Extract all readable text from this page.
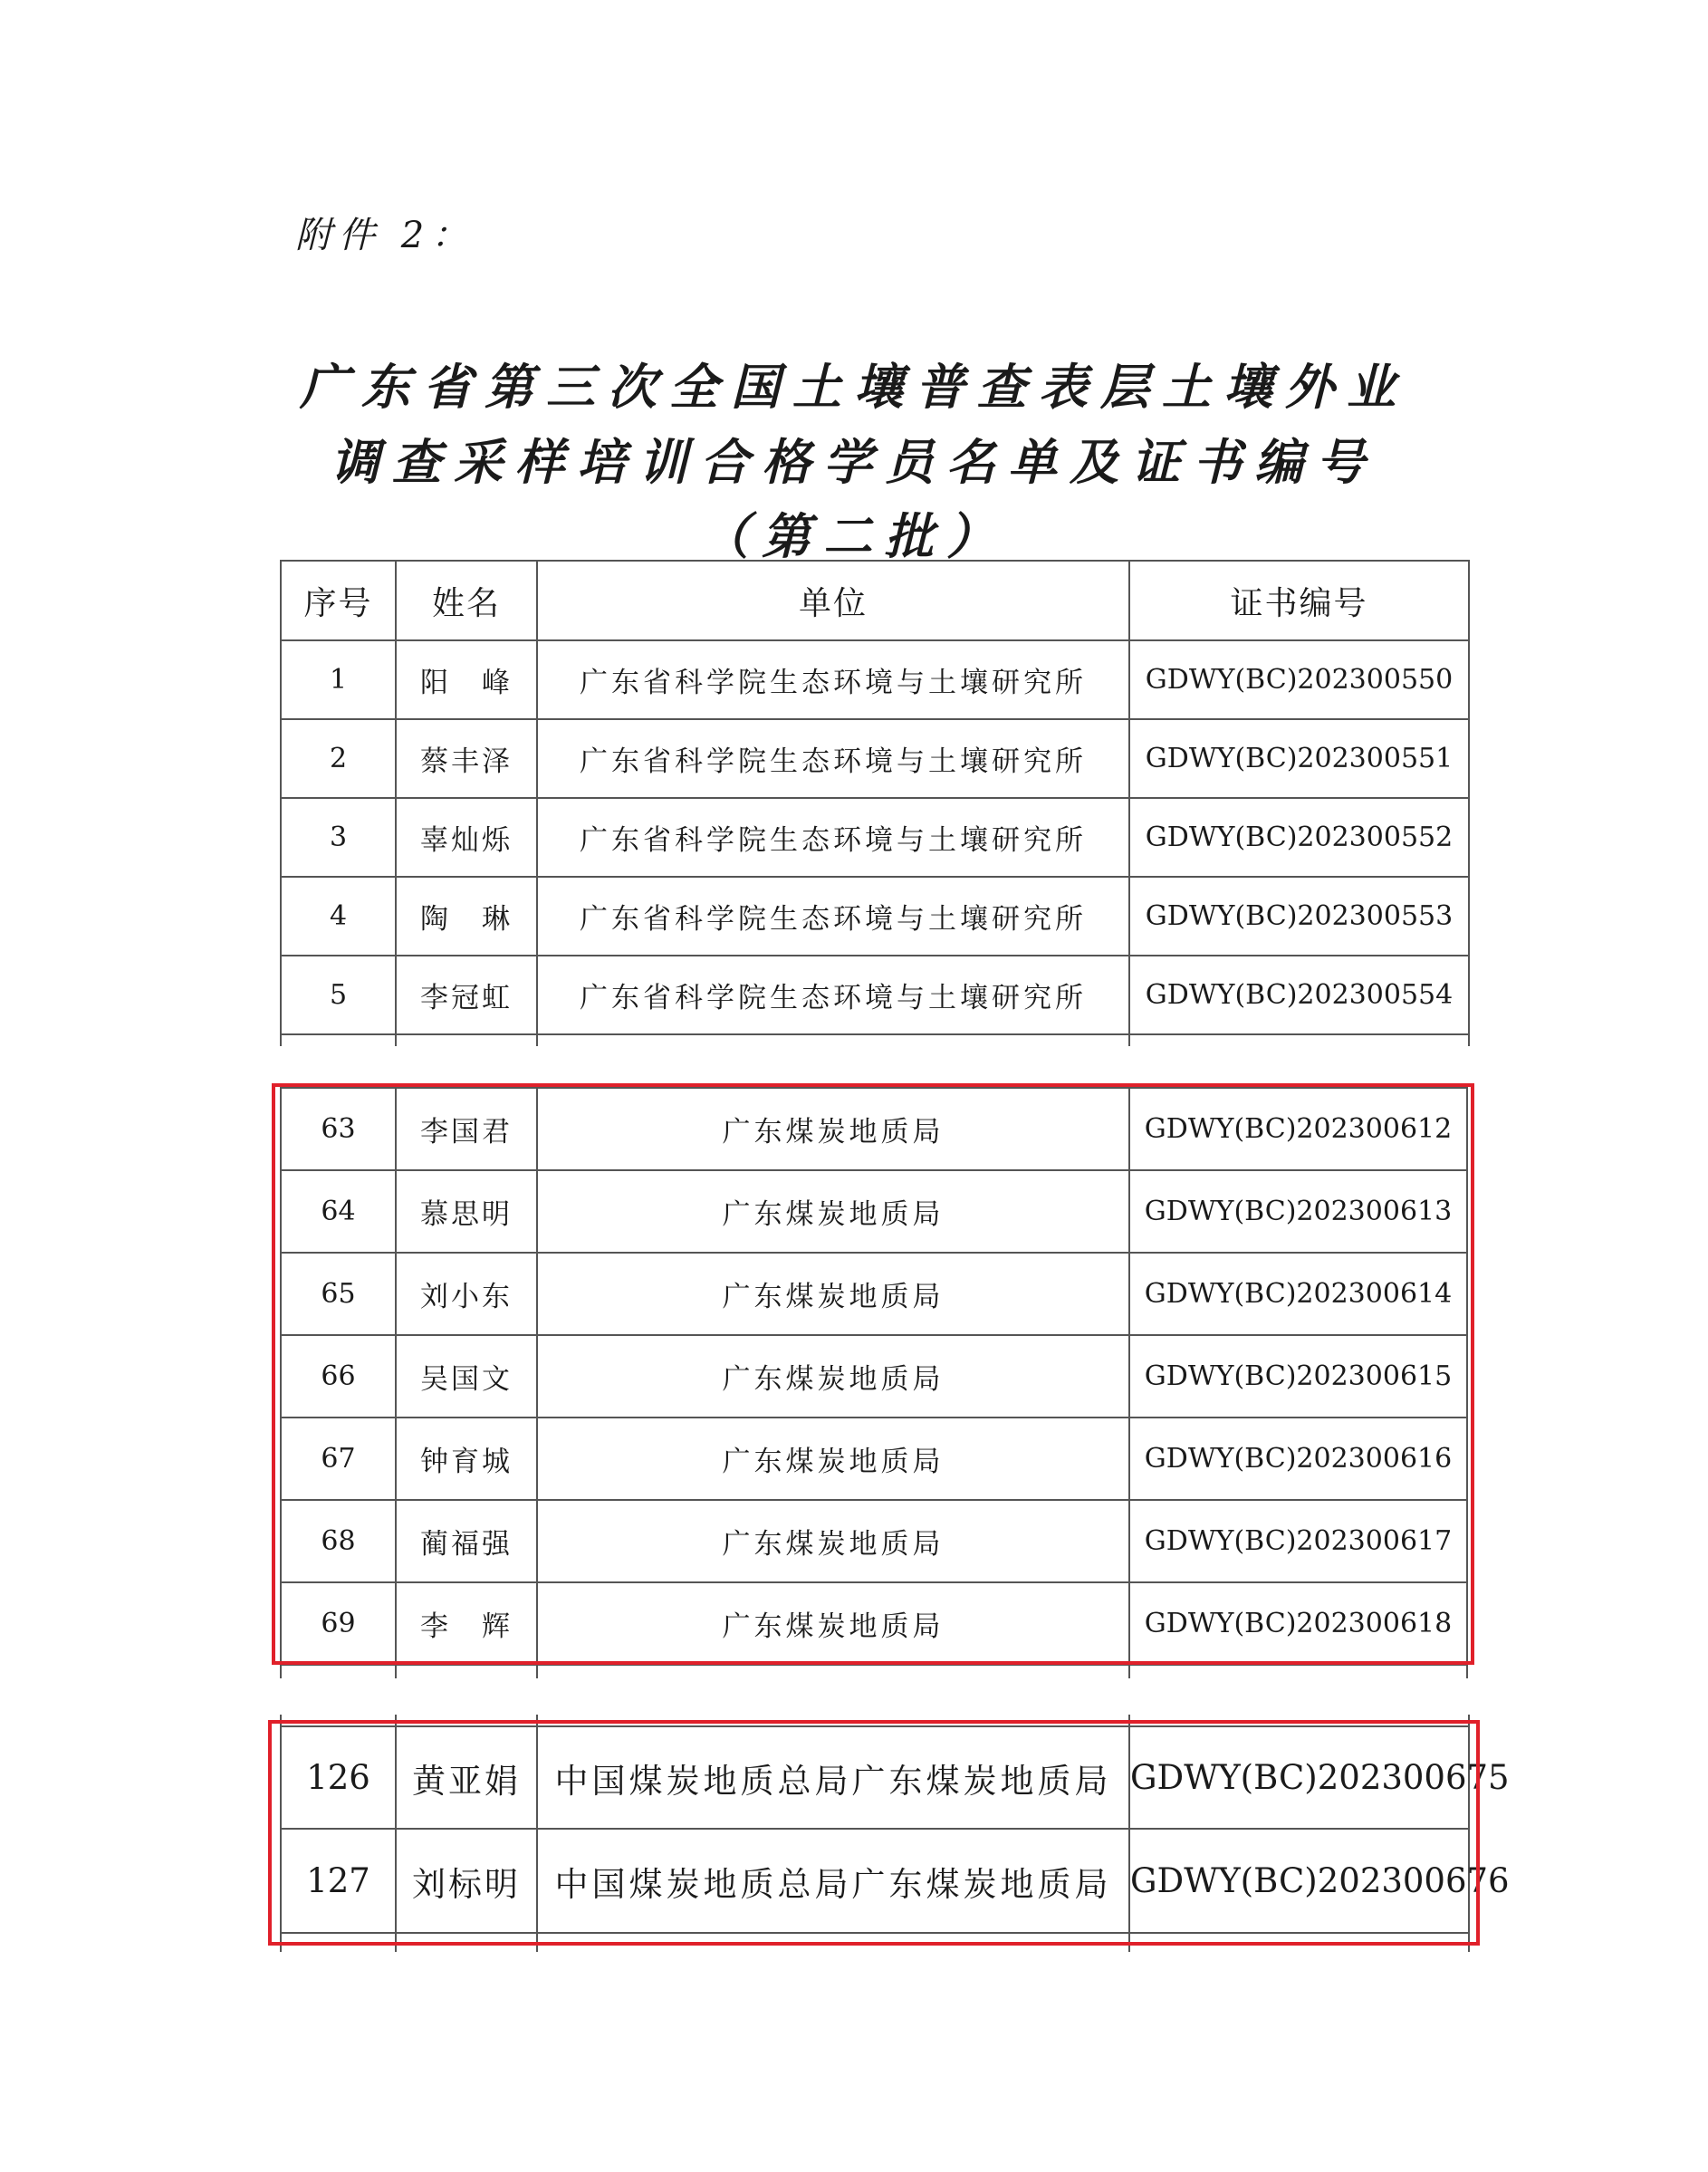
附件 2：
广东省第三次全国土壤普查表层土壤外业
调查采样培训合格学员名单及证书编号
（第二批）
序号	姓名	单位	证书编号
1	阳　峰	广东省科学院生态环境与土壤研究所	GDWY(BC)202300550
2	蔡丰泽	广东省科学院生态环境与土壤研究所	GDWY(BC)202300551
3	辜灿烁	广东省科学院生态环境与土壤研究所	GDWY(BC)202300552
4	陶　琳	广东省科学院生态环境与土壤研究所	GDWY(BC)202300553
5	李冠虹	广东省科学院生态环境与土壤研究所	GDWY(BC)202300554

63	李国君	广东煤炭地质局	GDWY(BC)202300612
64	慕思明	广东煤炭地质局	GDWY(BC)202300613
65	刘小东	广东煤炭地质局	GDWY(BC)202300614
66	吴国文	广东煤炭地质局	GDWY(BC)202300615
67	钟育城	广东煤炭地质局	GDWY(BC)202300616
68	蔺福强	广东煤炭地质局	GDWY(BC)202300617
69	李　辉	广东煤炭地质局	GDWY(BC)202300618

126	黄亚娟	中国煤炭地质总局广东煤炭地质局	GDWY(BC)202300675
127	刘标明	中国煤炭地质总局广东煤炭地质局	GDWY(BC)202300676
